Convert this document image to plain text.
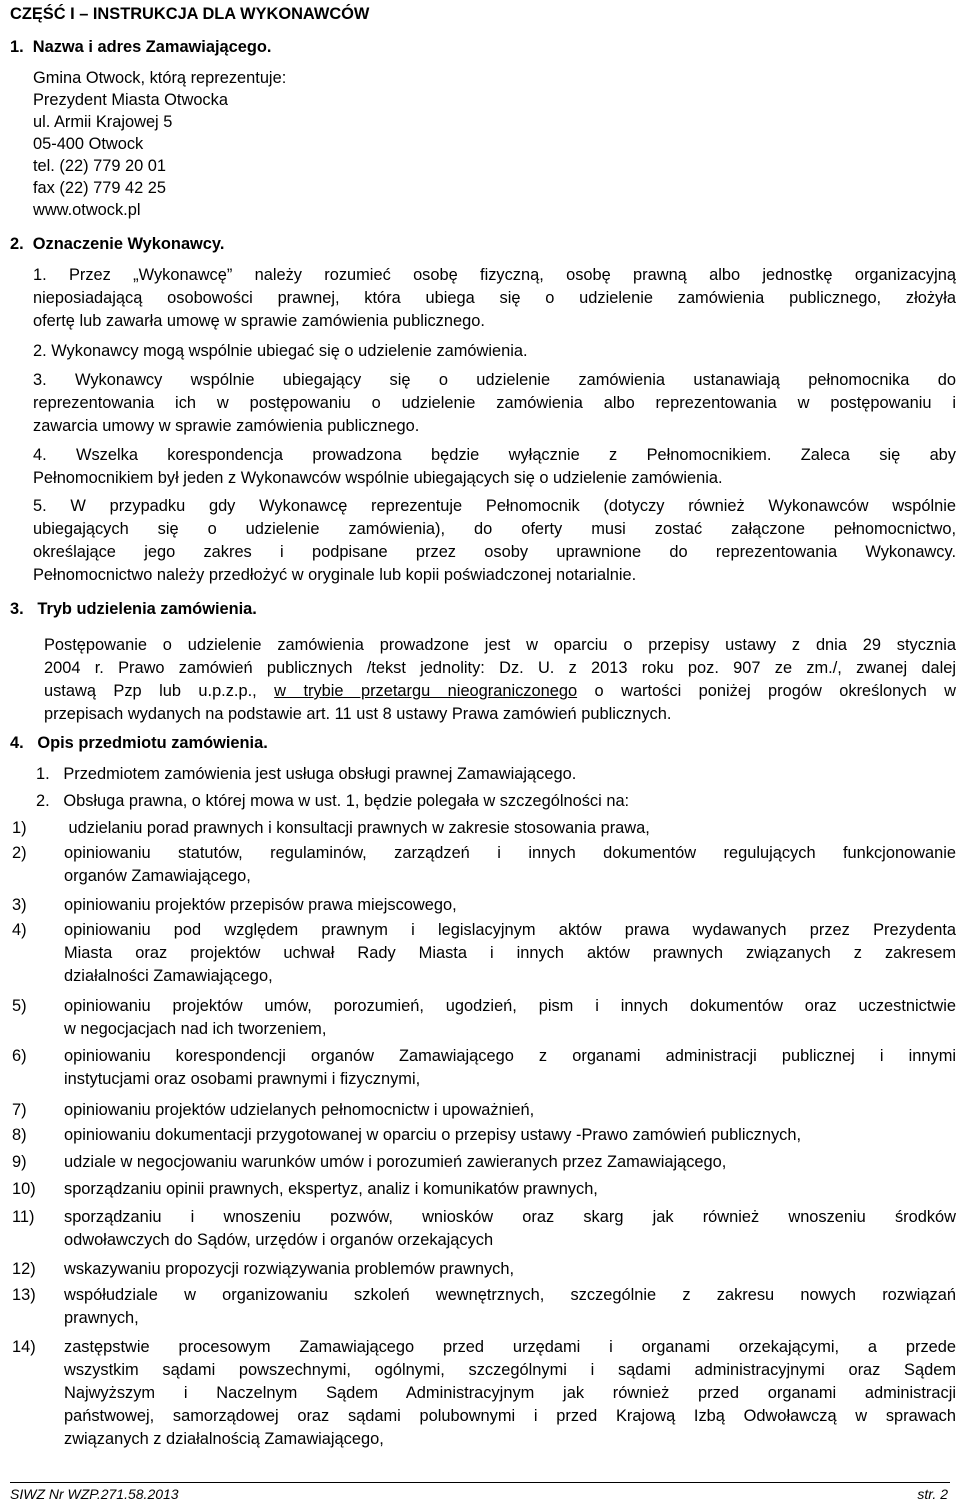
CZĘŚĆ I – INSTRUKCJA DLA WYKONAWCÓW
1.  Nazwa i adres Zamawiającego.
Gmina Otwock, którą reprezentuje:
Prezydent Miasta Otwocka
ul. Armii Krajowej 5
05-400 Otwock
tel. (22) 779 20 01
fax (22) 779 42 25
www.otwock.pl
2.  Oznaczenie Wykonawcy.
1. Przez „Wykonawcę” należy rozumieć osobę fizyczną, osobę prawną albo jednostkę organizacyjną
nieposiadającą osobowości prawnej, która ubiega się o udzielenie zamówienia publicznego, złożyła
ofertę lub zawarła umowę w sprawie zamówienia publicznego.
2. Wykonawcy mogą wspólnie ubiegać się o udzielenie zamówienia.
3. Wykonawcy wspólnie ubiegający się o udzielenie zamówienia ustanawiają pełnomocnika do
reprezentowania ich w postępowaniu o udzielenie zamówienia albo reprezentowania w postępowaniu i
zawarcia umowy w sprawie zamówienia publicznego.
4. Wszelka korespondencja prowadzona będzie wyłącznie z Pełnomocnikiem. Zaleca się aby
Pełnomocnikiem był jeden z Wykonawców wspólnie ubiegających się o udzielenie zamówienia.
5. W przypadku gdy Wykonawcę reprezentuje Pełnomocnik (dotyczy również Wykonawców wspólnie
ubiegających się o udzielenie zamówienia), do oferty musi zostać załączone pełnomocnictwo,
określające jego zakres i podpisane przez osoby uprawnione do reprezentowania Wykonawcy.
Pełnomocnictwo należy przedłożyć w oryginale lub kopii poświadczonej notarialnie.
3.   Tryb udzielenia zamówienia.
Postępowanie o udzielenie zamówienia prowadzone jest w oparciu o przepisy ustawy z dnia 29 stycznia
2004 r. Prawo zamówień publicznych /tekst jednolity: Dz. U. z 2013 roku poz. 907 ze zm./, zwanej dalej
ustawą Pzp lub u.p.z.p., w trybie przetargu nieograniczonego o wartości poniżej progów określonych w
przepisach wydanych na podstawie art. 11 ust 8 ustawy Prawa zamówień publicznych.
4.   Opis przedmiotu zamówienia.
1.   Przedmiotem zamówienia jest usługa obsługi prawnej Zamawiającego.
2.   Obsługa prawna, o której mowa w ust. 1, będzie polegała w szczególności na:
1) udzielaniu porad prawnych i konsultacji prawnych w zakresie stosowania prawa,
2) opiniowaniu statutów, regulaminów, zarządzeń i innych dokumentów regulujących funkcjonowanie
organów Zamawiającego,
3) opiniowaniu projektów przepisów prawa miejscowego,
4) opiniowaniu pod względem prawnym i legislacyjnym aktów prawa wydawanych przez Prezydenta
Miasta oraz projektów uchwał Rady Miasta i innych aktów prawnych związanych z zakresem
działalności Zamawiającego,
5) opiniowaniu projektów umów, porozumień, ugodzień, pism i innych dokumentów oraz uczestnictwie
w negocjacjach nad ich tworzeniem,
6) opiniowaniu korespondencji organów Zamawiającego z organami administracji publicznej i innymi
instytucjami oraz osobami prawnymi i fizycznymi,
7) opiniowaniu projektów udzielanych pełnomocnictw i upoważnień,
8) opiniowaniu dokumentacji przygotowanej w oparciu o przepisy ustawy -Prawo zamówień publicznych,
9) udziale w negocjowaniu warunków umów i porozumień zawieranych przez Zamawiającego,
10) sporządzaniu opinii prawnych, ekspertyz, analiz i komunikatów prawnych,
11) sporządzaniu i wnoszeniu pozwów, wniosków oraz skarg jak również wnoszeniu środków
odwoławczych do Sądów, urzędów i organów orzekających
12) wskazywaniu propozycji rozwiązywania problemów prawnych,
13) współudziale w organizowaniu szkoleń wewnętrznych, szczególnie z zakresu nowych rozwiązań
prawnych,
14) zastępstwie procesowym Zamawiającego przed urzędami i organami orzekającymi, a przede
wszystkim sądami powszechnymi, ogólnymi, szczególnymi i sądami administracyjnymi oraz Sądem
Najwyższym i Naczelnym Sądem Administracyjnym jak również przed organami administracji
państwowej, samorządowej oraz sądami polubownymi i przed Krajową Izbą Odwoławczą w sprawach
związanych z działalnością Zamawiającego,
SIWZ Nr WZP.271.58.2013	str. 2
